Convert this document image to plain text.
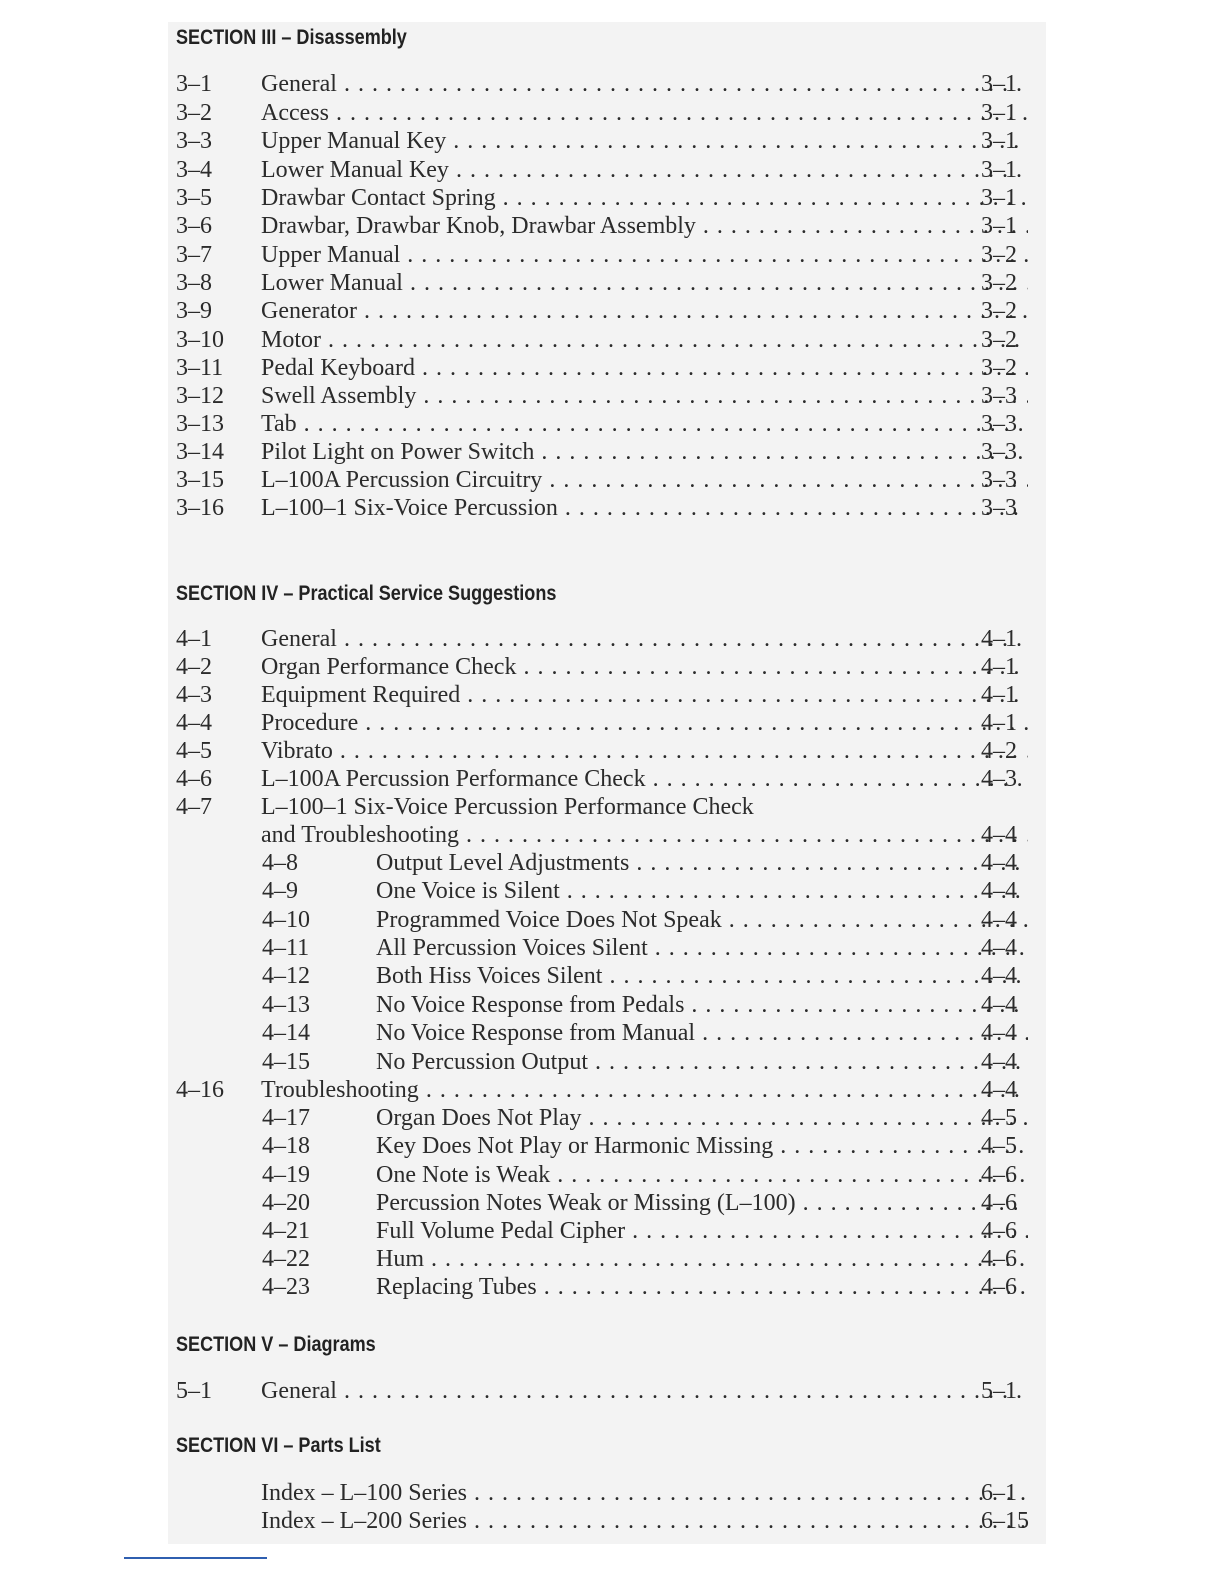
SECTION III – Disassembly
3–1 General . . .	3–1
3–2 Access . . .	3–1
3–3 Upper Manual Key . . .	3–1
3–4 Lower Manual Key . . .	3–1
3–5 Drawbar Contact Spring . . .	3–1
3–6 Drawbar, Drawbar Knob, Drawbar Assembly . . .	3–1
3–7 Upper Manual . . .	3–2
3–8 Lower Manual . . .	3–2
3–9 Generator . . .	3–2
3–10 Motor . . .	3–2
3–11 Pedal Keyboard . . .	3–2
3–12 Swell Assembly . . .	3–3
3–13 Tab . . .	3–3
3–14 Pilot Light on Power Switch . . .	3–3
3–15 L–100A Percussion Circuitry . . .	3–3
3–16 L–100–1 Six-Voice Percussion . . .	3–3
SECTION IV – Practical Service Suggestions
4–1 General . . .	4–1
4–2 Organ Performance Check . . .	4–1
4–3 Equipment Required . . .	4–1
4–4 Procedure . . .	4–1
4–5 Vibrato . . .	4–2
4–6 L–100A Percussion Performance Check . . .	4–3
4–7 L–100–1 Six-Voice Percussion Performance Check
and Troubleshooting . . .	4–4
4–8	Output Level Adjustments . . .	4–4
4–9	One Voice is Silent . . .	4–4
4–10	Programmed Voice Does Not Speak . . .	4–4
4–11	All Percussion Voices Silent . . .	4–4
4–12	Both Hiss Voices Silent . . .	4–4
4–13	No Voice Response from Pedals . . .	4–4
4–14	No Voice Response from Manual . . .	4–4
4–15	No Percussion Output . . .	4–4
4–16 Troubleshooting . . .	4–4
4–17	Organ Does Not Play . . .	4–5
4–18	Key Does Not Play or Harmonic Missing . . .	4–5
4–19	One Note is Weak . . .	4–6
4–20	Percussion Notes Weak or Missing (L–100) . . .	4–6
4–21	Full Volume Pedal Cipher . . .	4–6
4–22	Hum . . .	4–6
4–23	Replacing Tubes . . .	4–6
SECTION V – Diagrams
5–1 General . . .	5–1
SECTION VI – Parts List
Index – L–100 Series . . .	6–1
Index – L–200 Series . . .	6–15
